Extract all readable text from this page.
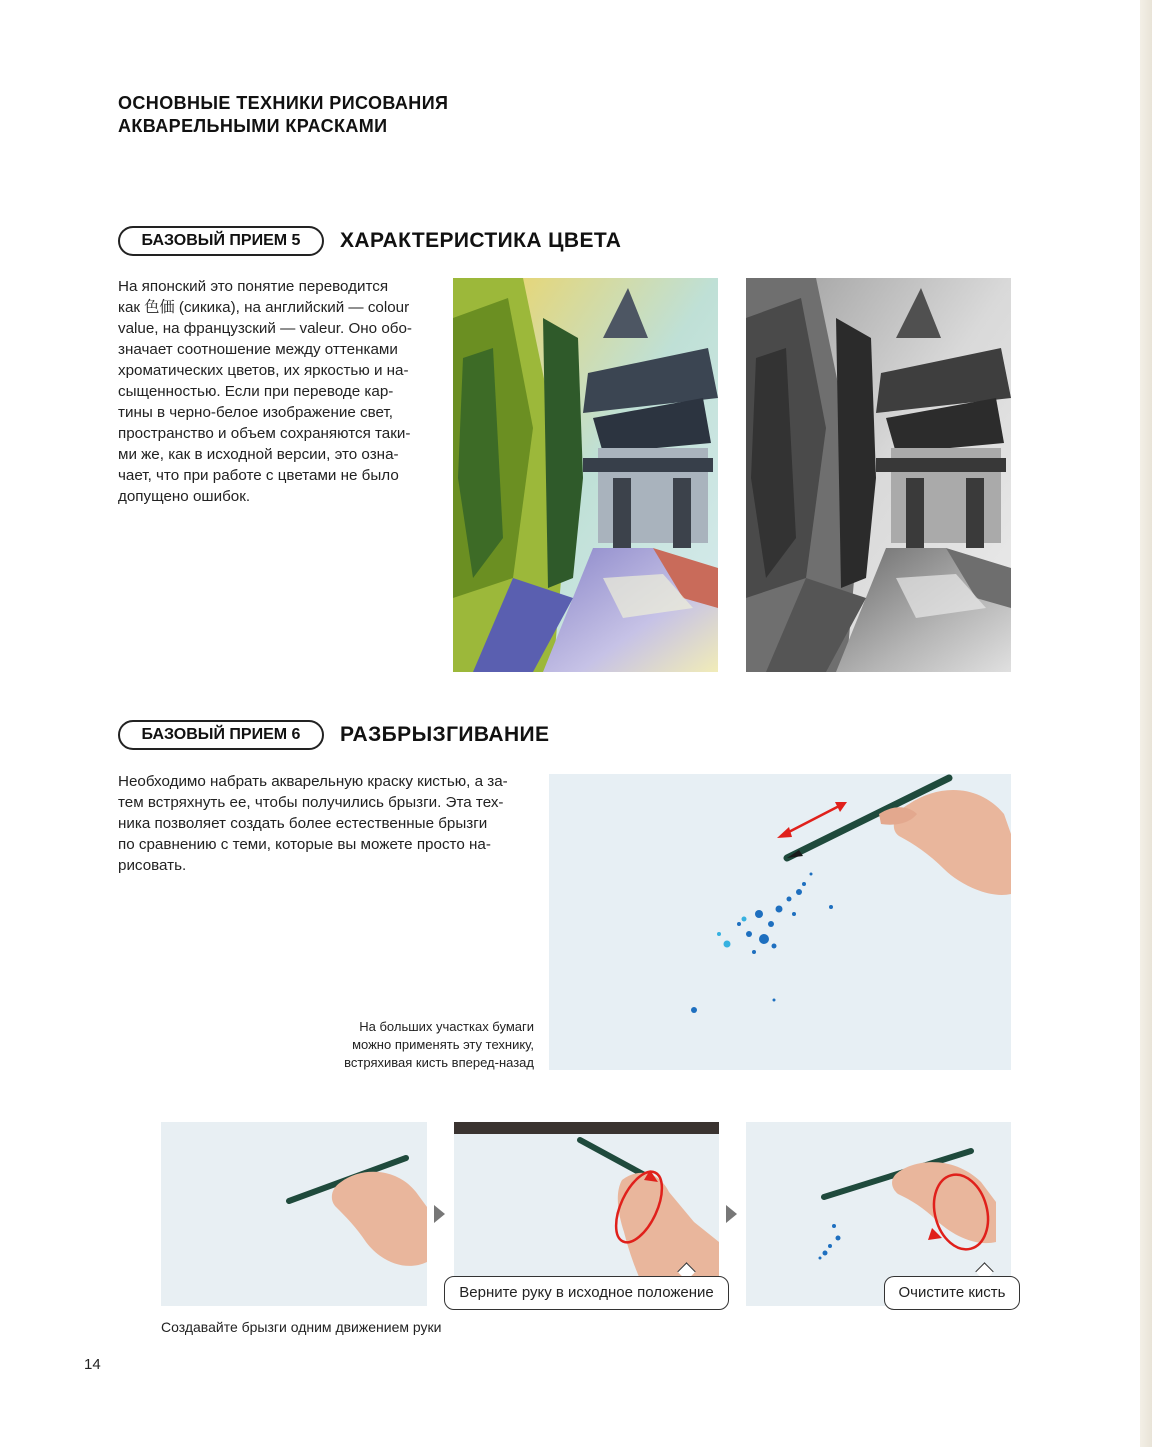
ОСНОВНЫЕ ТЕХНИКИ РИСОВАНИЯ
АКВАРЕЛЬНЫМИ КРАСКАМИ
БАЗОВЫЙ ПРИЕМ 5	ХАРАКТЕРИСТИКА ЦВЕТА
На японский это понятие переводится
как 色価 (сикика), на английский — colour
value, на французский — valeur. Оно обо-
значает соотношение между оттенками
хроматических цветов, их яркостью и на-
сыщенностью. Если при переводе кар-
тины в черно-белое изображение свет,
пространство и объем сохраняются таки-
ми же, как в исходной версии, это озна-
чает, что при работе с цветами не было
допущено ошибок.
БАЗОВЫЙ ПРИЕМ 6	РАЗБРЫЗГИВАНИЕ
Необходимо набрать акварельную краску кистью, а за-
тем встряхнуть ее, чтобы получились брызги. Эта тех-
ника позволяет создать более естественные брызги
по сравнению с теми, которые вы можете просто на-
рисовать.
На больших участках бумаги
можно применять эту технику,
встряхивая кисть вперед-назад
Верните руку в исходное положение	Очистите кисть
Создавайте брызги одним движением руки
14
